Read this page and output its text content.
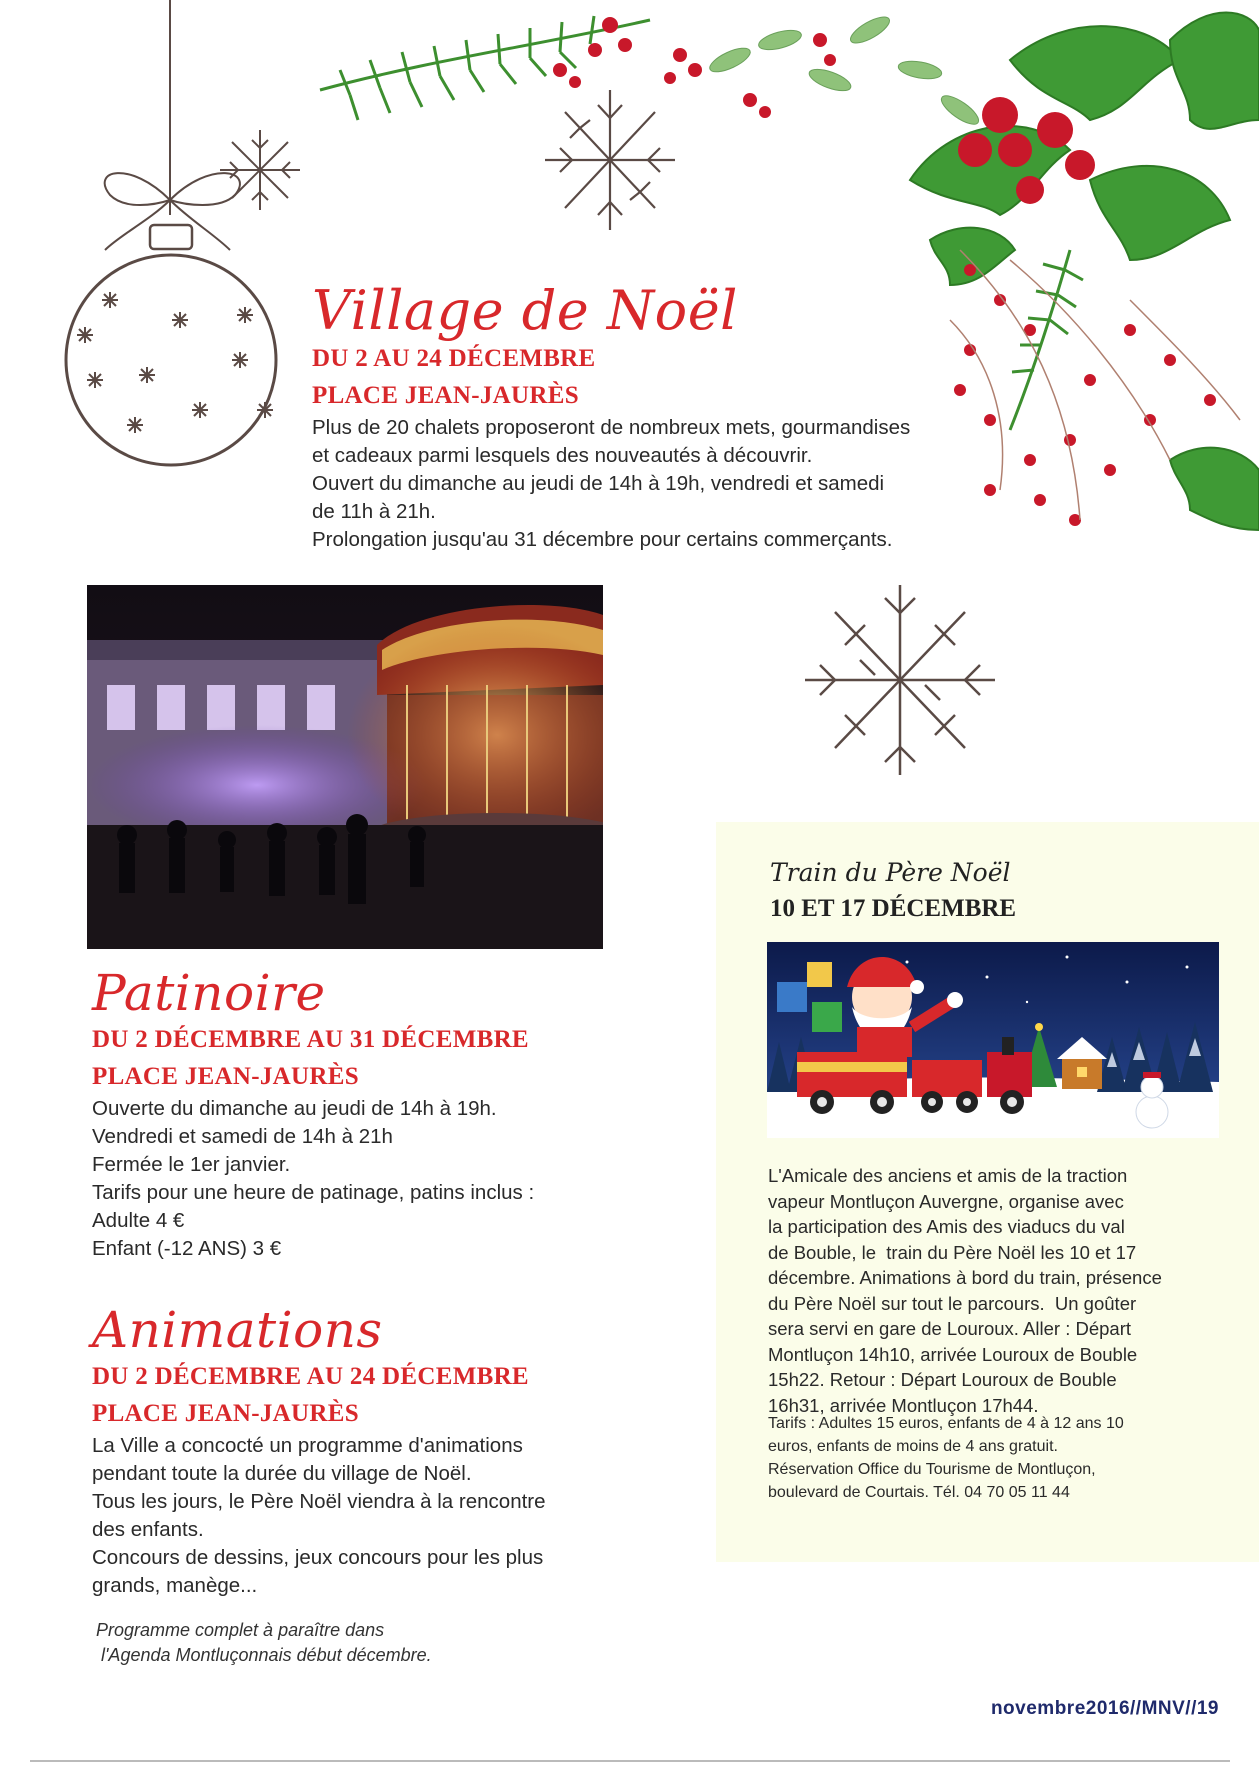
Village de Noël

DU 2 AU 24 DÉCEMBRE

PLACE JEAN-JAURÈS

Plus de 20 chalets proposeront de nombreux mets, gourmandises
et cadeaux parmi lesquels des nouveautés à découvrir.
Ouvert du dimanche au jeudi de 14h à 19h, vendredi et samedi
de 11h à 21h.
Prolongation jusqu'au 31 décembre pour certains commerçants.
Patinoire

DU 2 DÉCEMBRE AU 31 DÉCEMBRE

PLACE JEAN-JAURÈS

Ouverte du dimanche au jeudi de 14h à 19h.
Vendredi et samedi de 14h à 21h
Fermée le 1er janvier.
Tarifs pour une heure de patinage, patins inclus :
Adulte 4 €
Enfant (-12 ANS) 3 €
Animations

DU 2 DÉCEMBRE AU 24 DÉCEMBRE

PLACE JEAN-JAURÈS

La Ville a concocté un programme d'animations
pendant toute la durée du village de Noël.
Tous les jours, le Père Noël viendra à la rencontre
des enfants.
Concours de dessins, jeux concours pour les plus
grands, manège...
Programme complet à paraître dans
l'Agenda Montluçonnais début décembre.
Train du Père Noël

10 ET 17 DÉCEMBRE

L'Amicale des anciens et amis de la traction
vapeur Montluçon Auvergne, organise avec
la participation des Amis des viaducs du val
de Bouble, le  train du Père Noël les 10 et 17
décembre. Animations à bord du train, présence
du Père Noël sur tout le parcours.  Un goûter
sera servi en gare de Louroux. Aller : Départ
Montluçon 14h10, arrivée Louroux de Bouble
15h22. Retour : Départ Louroux de Bouble
16h31, arrivée Montluçon 17h44.
Tarifs : Adultes 15 euros, enfants de 4 à 12 ans 10
euros, enfants de moins de 4 ans gratuit.
Réservation Office du Tourisme de Montluçon,
boulevard de Courtais. Tél. 04 70 05 11 44
novembre2016//MNV//19
